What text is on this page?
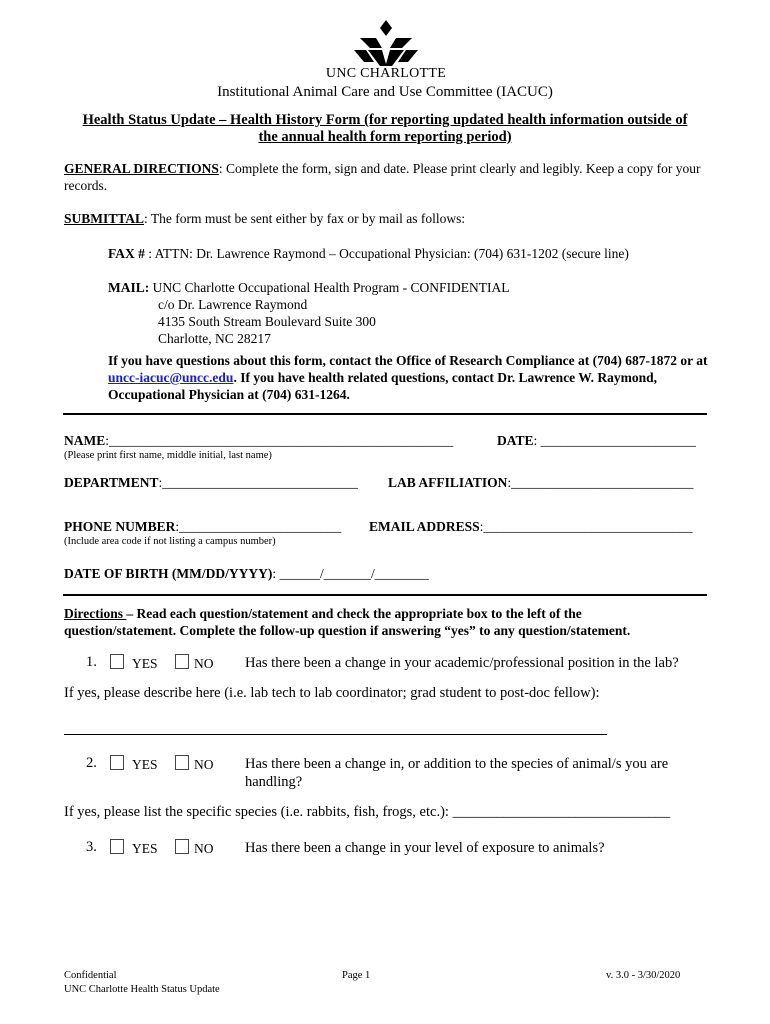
UNC CHARLOTTE
Institutional Animal Care and Use Committee (IACUC)
Health Status Update – Health History Form (for reporting updated health information outside of
the annual health form reporting period)
GENERAL DIRECTIONS: Complete the form, sign and date. Please print clearly and legibly. Keep a copy for your records.
SUBMITTAL: The form must be sent either by fax or by mail as follows:
FAX # : ATTN: Dr. Lawrence Raymond – Occupational Physician: (704) 631-1202 (secure line)
MAIL: UNC Charlotte Occupational Health Program - CONFIDENTIAL
c/o Dr. Lawrence Raymond
4135 South Stream Boulevard Suite 300
Charlotte, NC 28217
If you have questions about this form, contact the Office of Research Compliance at (704) 687-1872 or at uncc-iacuc@uncc.edu. If you have health related questions, contact Dr. Lawrence W. Raymond, Occupational Physician at (704) 631-1264.
NAME:___________________________________________________	DATE: _______________________
(Please print first name, middle initial, last name)
DEPARTMENT:_____________________________ LAB AFFILIATION:___________________________
PHONE NUMBER:________________________ EMAIL ADDRESS:_______________________________
(Include area code if not listing a campus number)
DATE OF BIRTH (MM/DD/YYYY): ______/_______/________
Directions – Read each question/statement and check the appropriate box to the left of the question/statement. Complete the follow-up question if answering “yes” to any question/statement.
1.	YES	NO Has there been a change in your academic/professional position in the lab?
If yes, please describe here (i.e. lab tech to lab coordinator; grad student to post-doc fellow):
2.	YES	NO Has there been a change in, or addition to the species of animal/s you are handling?
If yes, please list the specific species (i.e. rabbits, fish, frogs, etc.): ______________________________
3.	YES	NO Has there been a change in your level of exposure to animals?
Confidential
UNC Charlotte Health Status Update
Page 1	v. 3.0 - 3/30/2020
